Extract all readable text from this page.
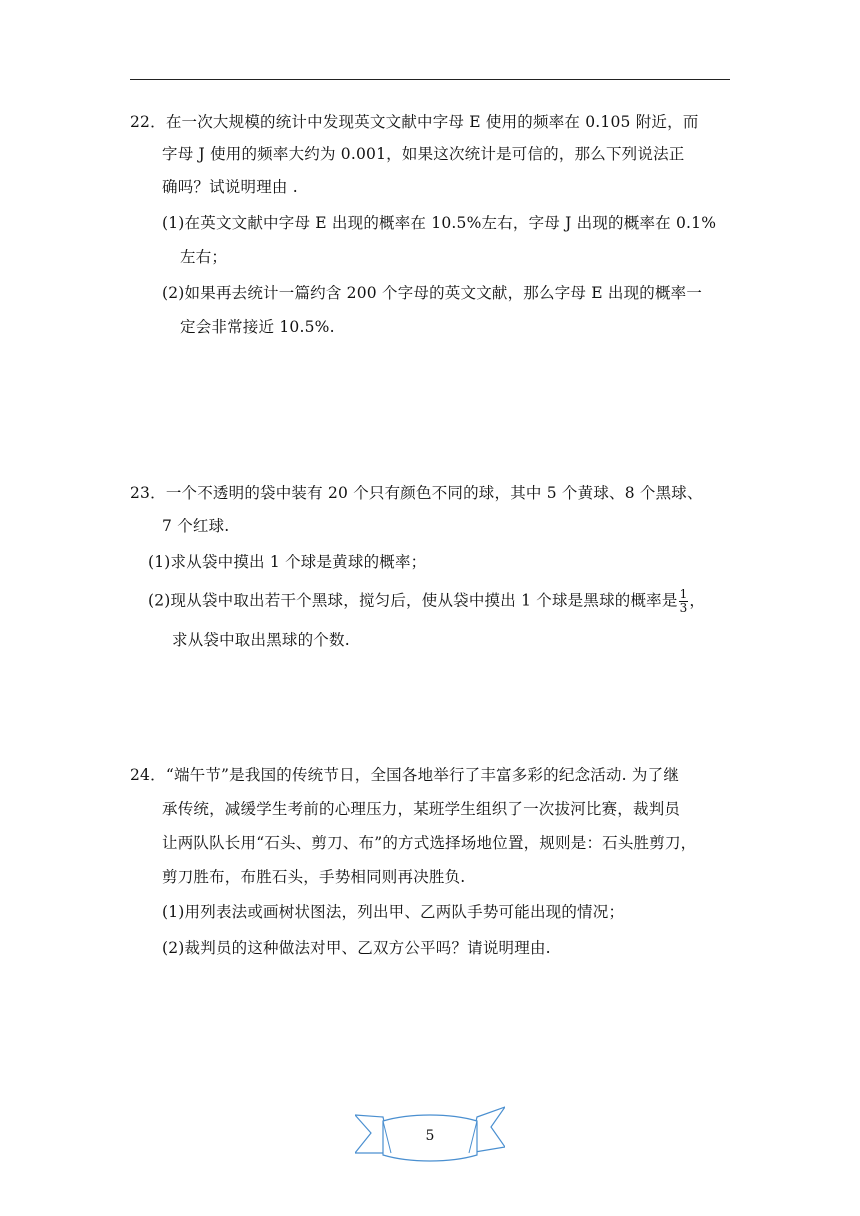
22．在一次大规模的统计中发现英文文献中字母 E 使用的频率在 0.105 附近，而
字母 J 使用的频率大约为 0.001，如果这次统计是可信的，那么下列说法正
确吗？试说明理由 .
(1)在英文文献中字母 E 出现的概率在 10.5%左右，字母 J 出现的概率在 0.1%
左右；
(2)如果再去统计一篇约含 200 个字母的英文文献，那么字母 E 出现的概率一
定会非常接近 10.5%.
23．一个不透明的袋中装有 20 个只有颜色不同的球，其中 5 个黄球、8 个黑球、
7 个红球.
(1)求从袋中摸出 1 个球是黄球的概率；
(2)现从袋中取出若干个黑球，搅匀后，使从袋中摸出 1 个球是黑球的概率是 $\frac{1}{3}$ ，
求从袋中取出黑球的个数.
24．“端午节”是我国的传统节日，全国各地举行了丰富多彩的纪念活动. 为了继
承传统，减缓学生考前的心理压力，某班学生组织了一次拔河比赛，裁判员
让两队队长用“石头、剪刀、布”的方式选择场地位置，规则是：石头胜剪刀，
剪刀胜布，布胜石头，手势相同则再决胜负.
(1)用列表法或画树状图法，列出甲、乙两队手势可能出现的情况；
(2)裁判员的这种做法对甲、乙双方公平吗？请说明理由.
5
